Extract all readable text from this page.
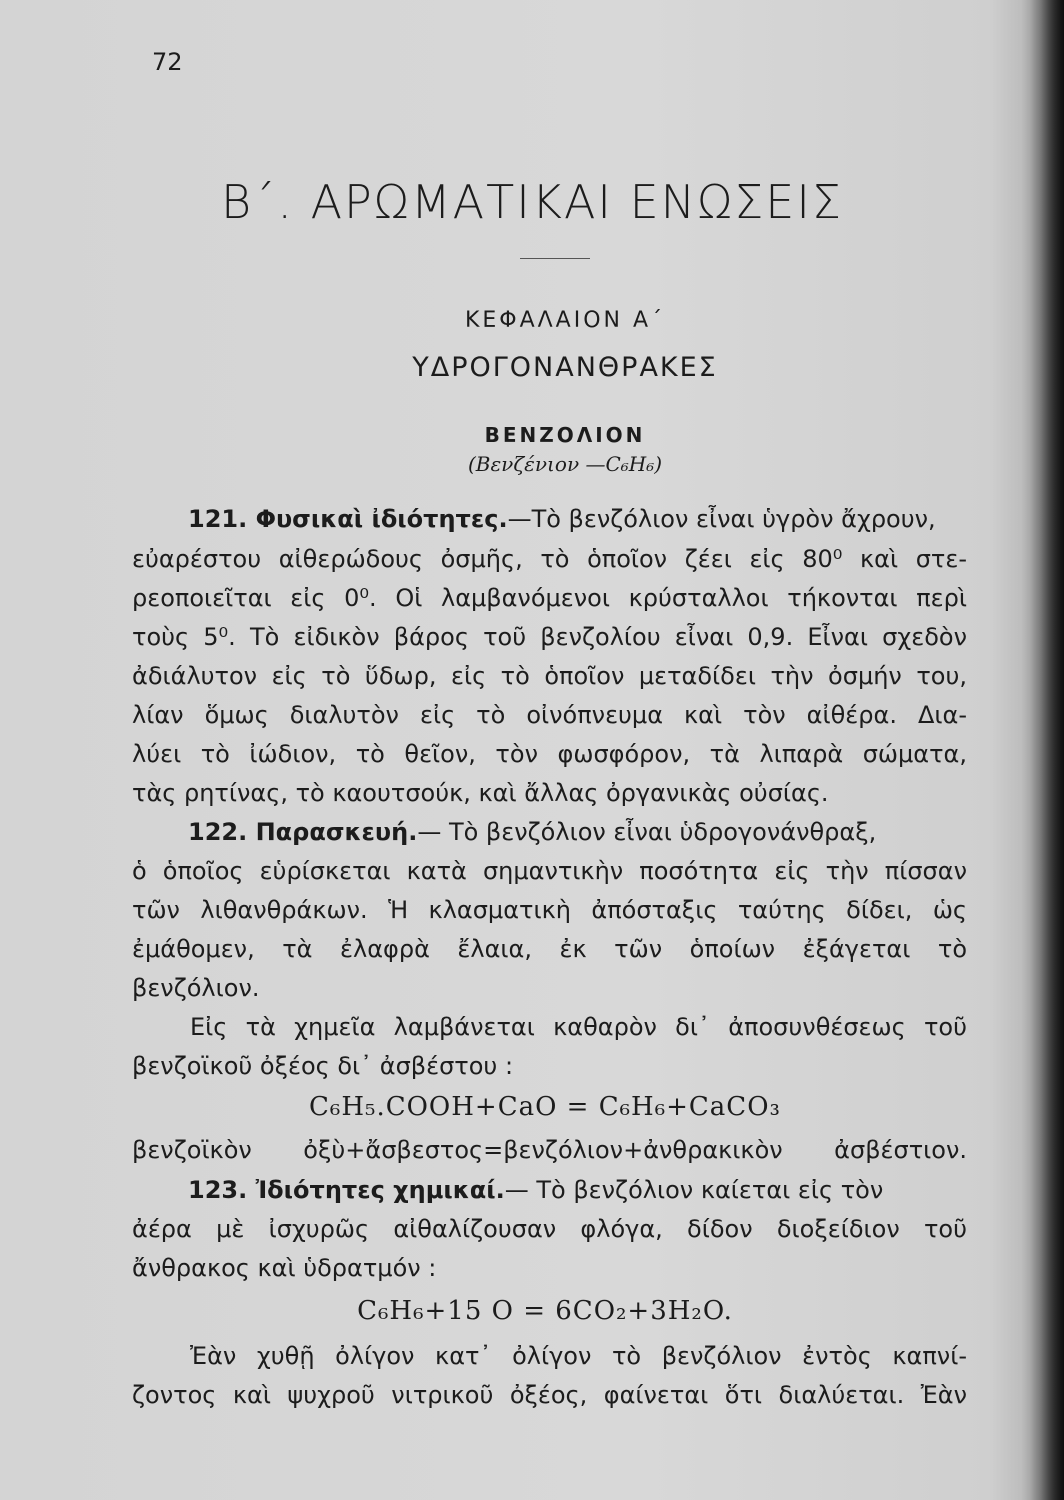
72
Β΄. ΑΡΩΜΑΤΙΚΑΙ ΕΝΩΣΕΙΣ
ΚΕΦΑΛΑΙΟΝ Α΄
ΥΔΡΟΓΟΝΑΝΘΡΑΚΕΣ
ΒΕΝΖΟΛΙΟΝ
(Βενζένιον —C₆H₆)
121. Φυσικαὶ ἰδιότητες.—Τὸ βενζόλιον εἶναι ὑγρὸν ἄχρουν,
εὐαρέστου αἰθερώδους ὀσμῆς, τὸ ὁποῖον ζέει εἰς 80⁰ καὶ στε-
ρεοποιεῖται εἰς 0⁰. Οἱ λαμβανόμενοι κρύσταλλοι τήκονται περὶ
τοὺς 5⁰. Τὸ εἰδικὸν βάρος τοῦ βενζολίου εἶναι 0,9. Εἶναι σχεδὸν
ἀδιάλυτον εἰς τὸ ὕδωρ, εἰς τὸ ὁποῖον μεταδίδει τὴν ὀσμήν του,
λίαν ὅμως διαλυτὸν εἰς τὸ οἰνόπνευμα καὶ τὸν αἰθέρα. Δια-
λύει τὸ ἰώδιον, τὸ θεῖον, τὸν φωσφόρον, τὰ λιπαρὰ σώματα,
τὰς ρητίνας, τὸ καουτσούκ, καὶ ἄλλας ὀργανικὰς οὐσίας.
122. Παρασκευή.— Τὸ βενζόλιον εἶναι ὑδρογονάνθραξ,
ὁ ὁποῖος εὑρίσκεται κατὰ σημαντικὴν ποσότητα εἰς τὴν πίσσαν
τῶν λιθανθράκων. Ἡ κλασματικὴ ἀπόσταξις ταύτης δίδει, ὡς
ἐμάθομεν, τὰ ἐλαφρὰ ἔλαια, ἐκ τῶν ὁποίων ἐξάγεται τὸ
βενζόλιον.
Εἰς τὰ χημεῖα λαμβάνεται καθαρὸν δι᾽ ἀποσυνθέσεως τοῦ
βενζοϊκοῦ ὀξέος δι᾽ ἀσβέστου :
C₆H₅.COOH+CaO = C₆H₆+CaCO₃
βενζοϊκὸν ὀξὺ+ἄσβεστος=βενζόλιον+ἀνθρακικὸν ἀσβέστιον.
123. Ἰδιότητες χημικαί.— Τὸ βενζόλιον καίεται εἰς τὸν
ἀέρα μὲ ἰσχυρῶς αἰθαλίζουσαν φλόγα, δίδον διοξείδιον τοῦ
ἄνθρακος καὶ ὑδρατμόν :
C₆H₆+15 O = 6CO₂+3H₂O.
Ἐὰν χυθῇ ὀλίγον κατ᾽ ὀλίγον τὸ βενζόλιον ἐντὸς καπνί-
ζοντος καὶ ψυχροῦ νιτρικοῦ ὀξέος, φαίνεται ὅτι διαλύεται. Ἐὰν
